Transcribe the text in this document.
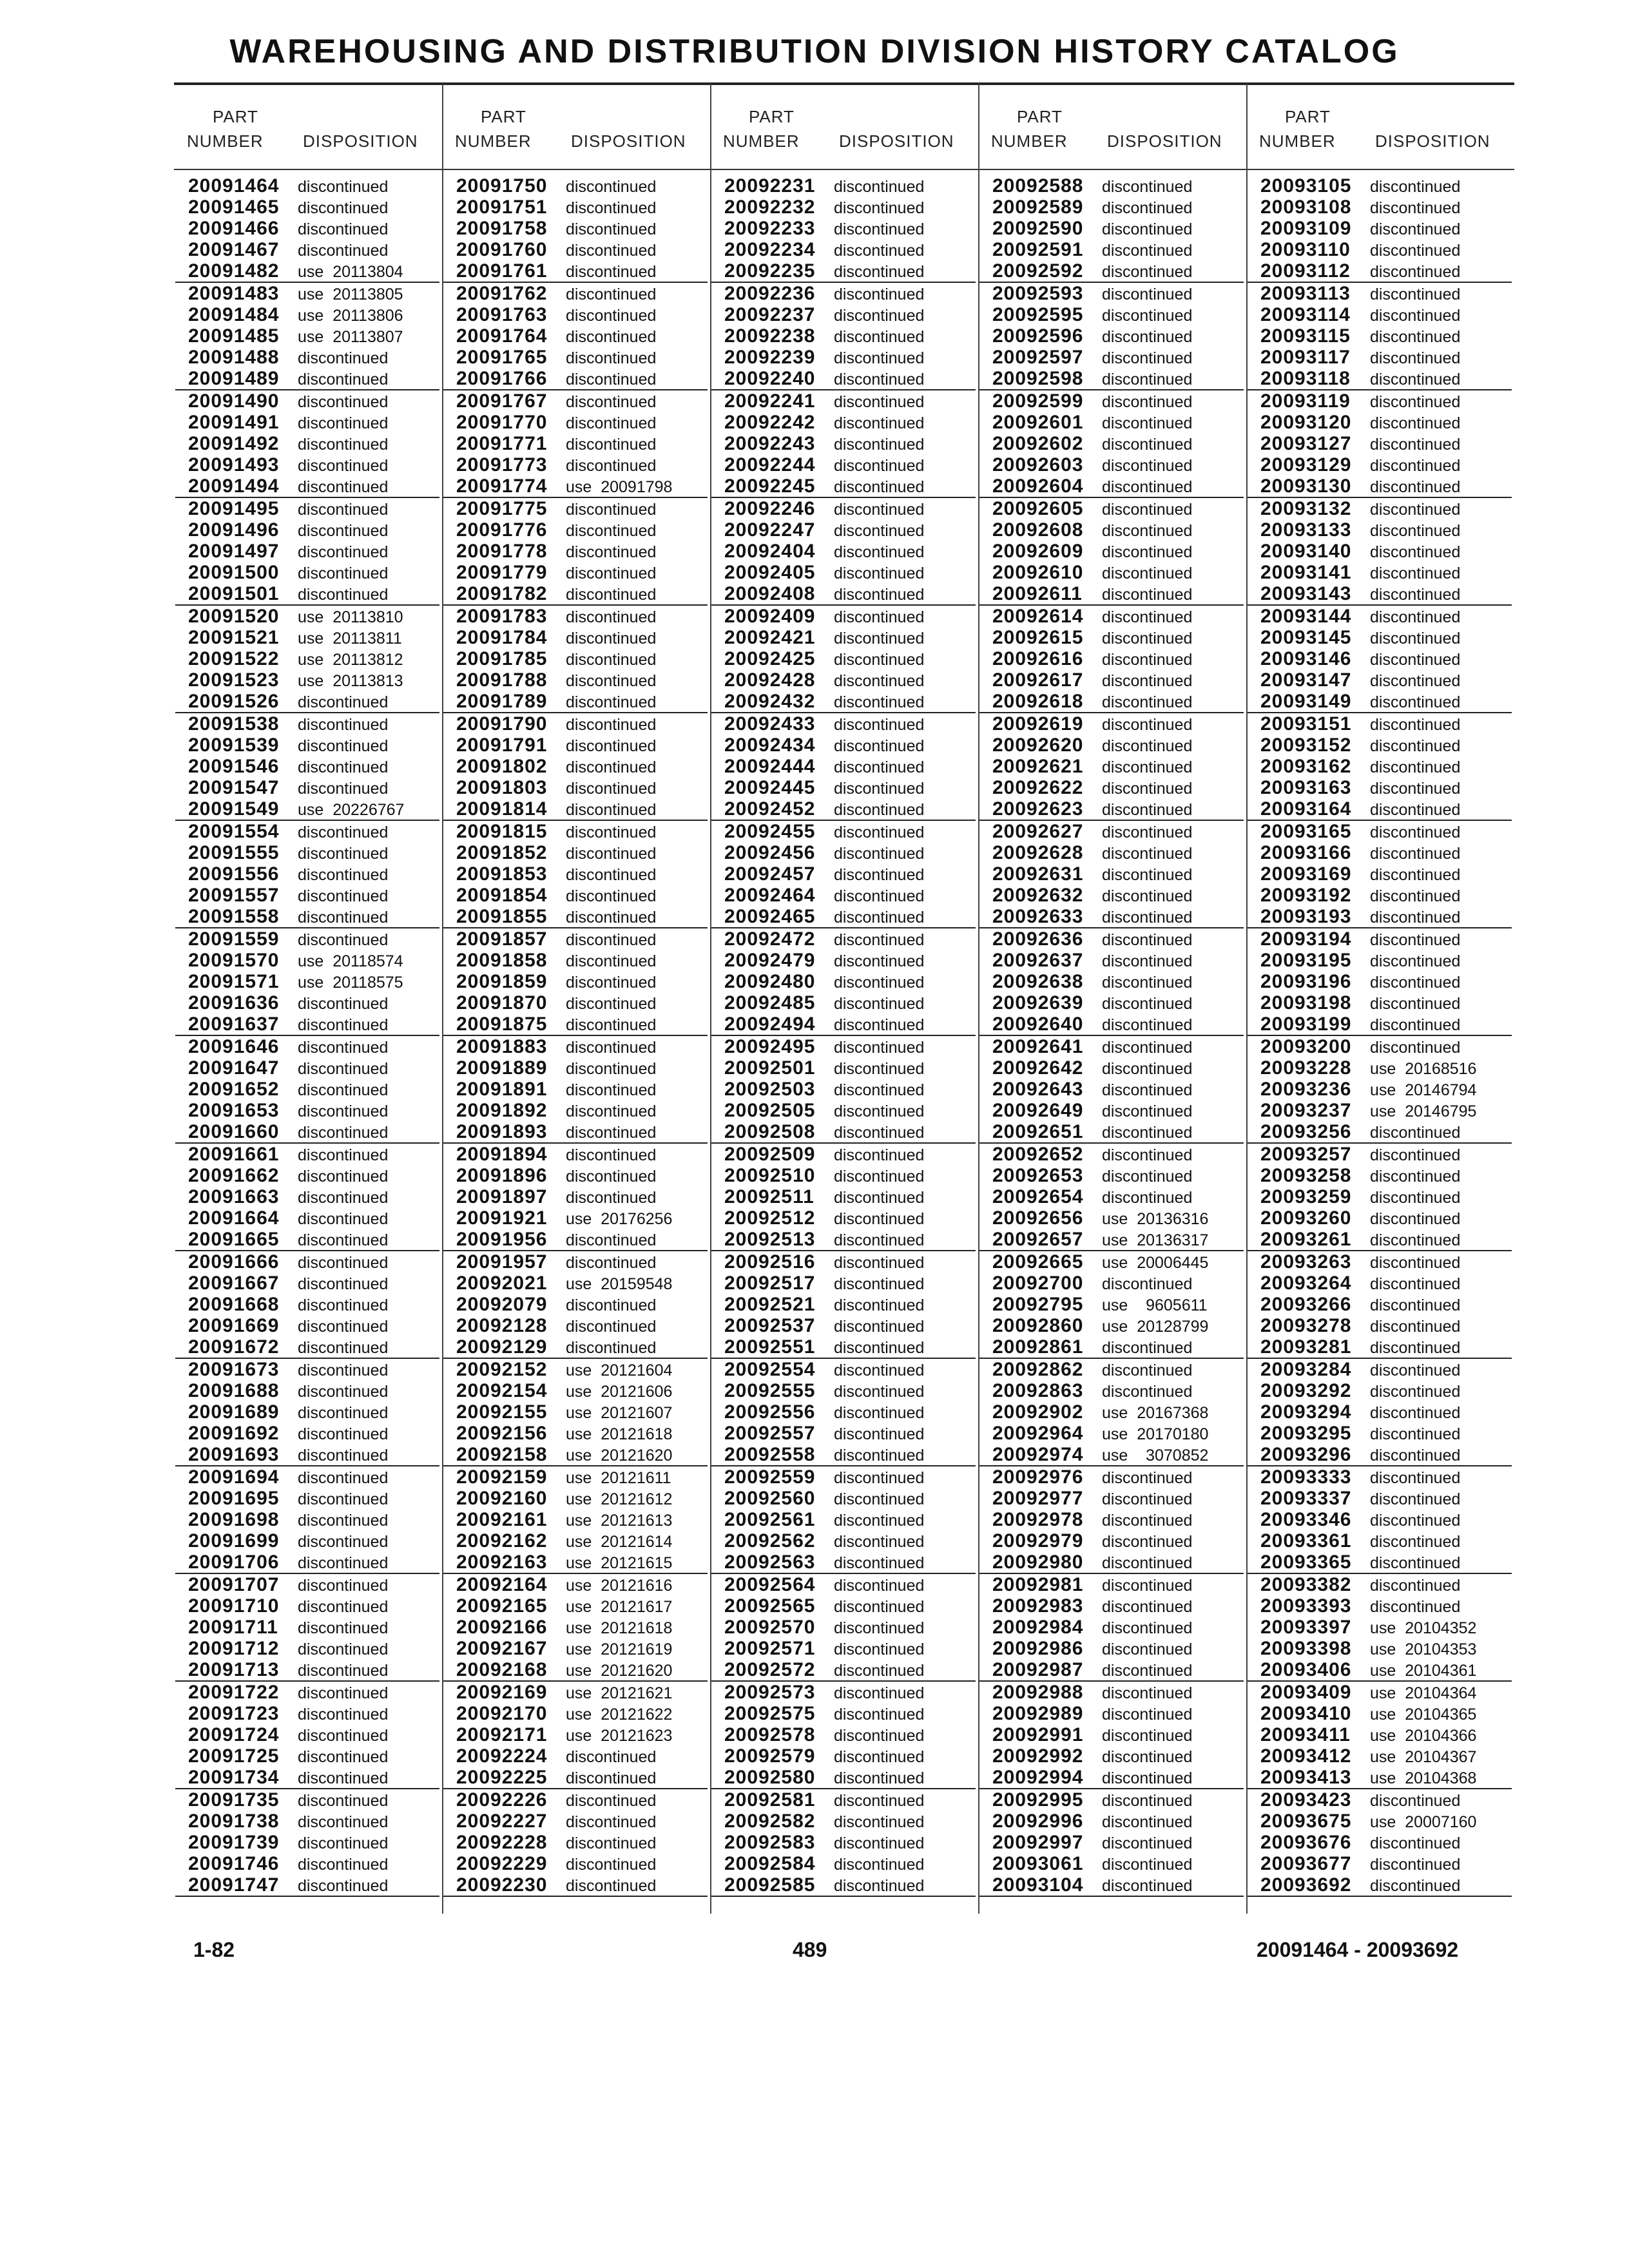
WAREHOUSING AND DISTRIBUTION DIVISION HISTORY CATALOG
PART
NUMBER DISPOSITION
PART
NUMBER DISPOSITION
PART
NUMBER DISPOSITION
PART
NUMBER DISPOSITION
PART
NUMBER DISPOSITION
20091464 discontinued
20091465 discontinued
20091466 discontinued
20091467 discontinued
20091482 use  20113804
20091483 use  20113805
20091484 use  20113806
20091485 use  20113807
20091488 discontinued
20091489 discontinued
20091490 discontinued
20091491 discontinued
20091492 discontinued
20091493 discontinued
20091494 discontinued
20091495 discontinued
20091496 discontinued
20091497 discontinued
20091500 discontinued
20091501 discontinued
20091520 use  20113810
20091521 use  20113811
20091522 use  20113812
20091523 use  20113813
20091526 discontinued
20091538 discontinued
20091539 discontinued
20091546 discontinued
20091547 discontinued
20091549 use  20226767
20091554 discontinued
20091555 discontinued
20091556 discontinued
20091557 discontinued
20091558 discontinued
20091559 discontinued
20091570 use  20118574
20091571 use  20118575
20091636 discontinued
20091637 discontinued
20091646 discontinued
20091647 discontinued
20091652 discontinued
20091653 discontinued
20091660 discontinued
20091661 discontinued
20091662 discontinued
20091663 discontinued
20091664 discontinued
20091665 discontinued
20091666 discontinued
20091667 discontinued
20091668 discontinued
20091669 discontinued
20091672 discontinued
20091673 discontinued
20091688 discontinued
20091689 discontinued
20091692 discontinued
20091693 discontinued
20091694 discontinued
20091695 discontinued
20091698 discontinued
20091699 discontinued
20091706 discontinued
20091707 discontinued
20091710 discontinued
20091711 discontinued
20091712 discontinued
20091713 discontinued
20091722 discontinued
20091723 discontinued
20091724 discontinued
20091725 discontinued
20091734 discontinued
20091735 discontinued
20091738 discontinued
20091739 discontinued
20091746 discontinued
20091747 discontinued
20091750 discontinued
20091751 discontinued
20091758 discontinued
20091760 discontinued
20091761 discontinued
20091762 discontinued
20091763 discontinued
20091764 discontinued
20091765 discontinued
20091766 discontinued
20091767 discontinued
20091770 discontinued
20091771 discontinued
20091773 discontinued
20091774 use  20091798
20091775 discontinued
20091776 discontinued
20091778 discontinued
20091779 discontinued
20091782 discontinued
20091783 discontinued
20091784 discontinued
20091785 discontinued
20091788 discontinued
20091789 discontinued
20091790 discontinued
20091791 discontinued
20091802 discontinued
20091803 discontinued
20091814 discontinued
20091815 discontinued
20091852 discontinued
20091853 discontinued
20091854 discontinued
20091855 discontinued
20091857 discontinued
20091858 discontinued
20091859 discontinued
20091870 discontinued
20091875 discontinued
20091883 discontinued
20091889 discontinued
20091891 discontinued
20091892 discontinued
20091893 discontinued
20091894 discontinued
20091896 discontinued
20091897 discontinued
20091921 use  20176256
20091956 discontinued
20091957 discontinued
20092021 use  20159548
20092079 discontinued
20092128 discontinued
20092129 discontinued
20092152 use  20121604
20092154 use  20121606
20092155 use  20121607
20092156 use  20121618
20092158 use  20121620
20092159 use  20121611
20092160 use  20121612
20092161 use  20121613
20092162 use  20121614
20092163 use  20121615
20092164 use  20121616
20092165 use  20121617
20092166 use  20121618
20092167 use  20121619
20092168 use  20121620
20092169 use  20121621
20092170 use  20121622
20092171 use  20121623
20092224 discontinued
20092225 discontinued
20092226 discontinued
20092227 discontinued
20092228 discontinued
20092229 discontinued
20092230 discontinued
20092231 discontinued
20092232 discontinued
20092233 discontinued
20092234 discontinued
20092235 discontinued
20092236 discontinued
20092237 discontinued
20092238 discontinued
20092239 discontinued
20092240 discontinued
20092241 discontinued
20092242 discontinued
20092243 discontinued
20092244 discontinued
20092245 discontinued
20092246 discontinued
20092247 discontinued
20092404 discontinued
20092405 discontinued
20092408 discontinued
20092409 discontinued
20092421 discontinued
20092425 discontinued
20092428 discontinued
20092432 discontinued
20092433 discontinued
20092434 discontinued
20092444 discontinued
20092445 discontinued
20092452 discontinued
20092455 discontinued
20092456 discontinued
20092457 discontinued
20092464 discontinued
20092465 discontinued
20092472 discontinued
20092479 discontinued
20092480 discontinued
20092485 discontinued
20092494 discontinued
20092495 discontinued
20092501 discontinued
20092503 discontinued
20092505 discontinued
20092508 discontinued
20092509 discontinued
20092510 discontinued
20092511 discontinued
20092512 discontinued
20092513 discontinued
20092516 discontinued
20092517 discontinued
20092521 discontinued
20092537 discontinued
20092551 discontinued
20092554 discontinued
20092555 discontinued
20092556 discontinued
20092557 discontinued
20092558 discontinued
20092559 discontinued
20092560 discontinued
20092561 discontinued
20092562 discontinued
20092563 discontinued
20092564 discontinued
20092565 discontinued
20092570 discontinued
20092571 discontinued
20092572 discontinued
20092573 discontinued
20092575 discontinued
20092578 discontinued
20092579 discontinued
20092580 discontinued
20092581 discontinued
20092582 discontinued
20092583 discontinued
20092584 discontinued
20092585 discontinued
20092588 discontinued
20092589 discontinued
20092590 discontinued
20092591 discontinued
20092592 discontinued
20092593 discontinued
20092595 discontinued
20092596 discontinued
20092597 discontinued
20092598 discontinued
20092599 discontinued
20092601 discontinued
20092602 discontinued
20092603 discontinued
20092604 discontinued
20092605 discontinued
20092608 discontinued
20092609 discontinued
20092610 discontinued
20092611 discontinued
20092614 discontinued
20092615 discontinued
20092616 discontinued
20092617 discontinued
20092618 discontinued
20092619 discontinued
20092620 discontinued
20092621 discontinued
20092622 discontinued
20092623 discontinued
20092627 discontinued
20092628 discontinued
20092631 discontinued
20092632 discontinued
20092633 discontinued
20092636 discontinued
20092637 discontinued
20092638 discontinued
20092639 discontinued
20092640 discontinued
20092641 discontinued
20092642 discontinued
20092643 discontinued
20092649 discontinued
20092651 discontinued
20092652 discontinued
20092653 discontinued
20092654 discontinued
20092656 use  20136316
20092657 use  20136317
20092665 use  20006445
20092700 discontinued
20092795 use    9605611
20092860 use  20128799
20092861 discontinued
20092862 discontinued
20092863 discontinued
20092902 use  20167368
20092964 use  20170180
20092974 use    3070852
20092976 discontinued
20092977 discontinued
20092978 discontinued
20092979 discontinued
20092980 discontinued
20092981 discontinued
20092983 discontinued
20092984 discontinued
20092986 discontinued
20092987 discontinued
20092988 discontinued
20092989 discontinued
20092991 discontinued
20092992 discontinued
20092994 discontinued
20092995 discontinued
20092996 discontinued
20092997 discontinued
20093061 discontinued
20093104 discontinued
20093105 discontinued
20093108 discontinued
20093109 discontinued
20093110 discontinued
20093112 discontinued
20093113 discontinued
20093114 discontinued
20093115 discontinued
20093117 discontinued
20093118 discontinued
20093119 discontinued
20093120 discontinued
20093127 discontinued
20093129 discontinued
20093130 discontinued
20093132 discontinued
20093133 discontinued
20093140 discontinued
20093141 discontinued
20093143 discontinued
20093144 discontinued
20093145 discontinued
20093146 discontinued
20093147 discontinued
20093149 discontinued
20093151 discontinued
20093152 discontinued
20093162 discontinued
20093163 discontinued
20093164 discontinued
20093165 discontinued
20093166 discontinued
20093169 discontinued
20093192 discontinued
20093193 discontinued
20093194 discontinued
20093195 discontinued
20093196 discontinued
20093198 discontinued
20093199 discontinued
20093200 discontinued
20093228 use  20168516
20093236 use  20146794
20093237 use  20146795
20093256 discontinued
20093257 discontinued
20093258 discontinued
20093259 discontinued
20093260 discontinued
20093261 discontinued
20093263 discontinued
20093264 discontinued
20093266 discontinued
20093278 discontinued
20093281 discontinued
20093284 discontinued
20093292 discontinued
20093294 discontinued
20093295 discontinued
20093296 discontinued
20093333 discontinued
20093337 discontinued
20093346 discontinued
20093361 discontinued
20093365 discontinued
20093382 discontinued
20093393 discontinued
20093397 use  20104352
20093398 use  20104353
20093406 use  20104361
20093409 use  20104364
20093410 use  20104365
20093411 use  20104366
20093412 use  20104367
20093413 use  20104368
20093423 discontinued
20093675 use  20007160
20093676 discontinued
20093677 discontinued
20093692 discontinued
1-82	489	20091464 - 20093692
